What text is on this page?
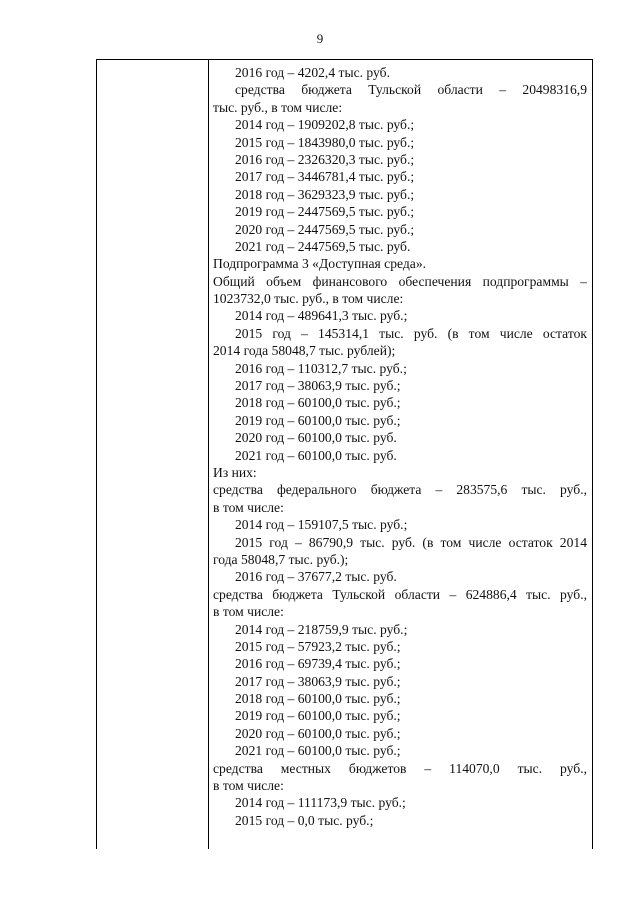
9
2016 год – 4202,4 тыс. руб.
средства бюджета Тульской области – 20498316,9
тыс. руб., в том числе:
2014 год – 1909202,8 тыс. руб.;
2015 год – 1843980,0 тыс. руб.;
2016 год – 2326320,3 тыс. руб.;
2017 год – 3446781,4 тыс. руб.;
2018 год – 3629323,9 тыс. руб.;
2019 год – 2447569,5 тыс. руб.;
2020 год – 2447569,5 тыс. руб.;
2021 год – 2447569,5 тыс. руб.
Подпрограмма 3 «Доступная среда».
Общий объем финансового обеспечения подпрограммы –
1023732,0 тыс. руб., в том числе:
2014 год – 489641,3 тыс. руб.;
2015 год – 145314,1 тыс. руб. (в том числе остаток
2014 года 58048,7 тыс. рублей);
2016 год – 110312,7 тыс. руб.;
2017 год – 38063,9 тыс. руб.;
2018 год – 60100,0 тыс. руб.;
2019 год – 60100,0 тыс. руб.;
2020 год – 60100,0 тыс. руб.
2021 год – 60100,0 тыс. руб.
Из них:
средства федерального бюджета – 283575,6 тыс. руб.,
в том числе:
2014 год – 159107,5 тыс. руб.;
2015 год – 86790,9 тыс. руб. (в том числе остаток 2014
года 58048,7 тыс. руб.);
2016 год – 37677,2 тыс. руб.
средства бюджета Тульской области – 624886,4 тыс. руб.,
в том числе:
2014 год – 218759,9 тыс. руб.;
2015 год – 57923,2 тыс. руб.;
2016 год – 69739,4 тыс. руб.;
2017 год – 38063,9 тыс. руб.;
2018 год – 60100,0 тыс. руб.;
2019 год – 60100,0 тыс. руб.;
2020 год – 60100,0 тыс. руб.;
2021 год – 60100,0 тыс. руб.;
средства местных бюджетов – 114070,0 тыс. руб.,
в том числе:
2014 год – 111173,9 тыс. руб.;
2015 год – 0,0 тыс. руб.;
